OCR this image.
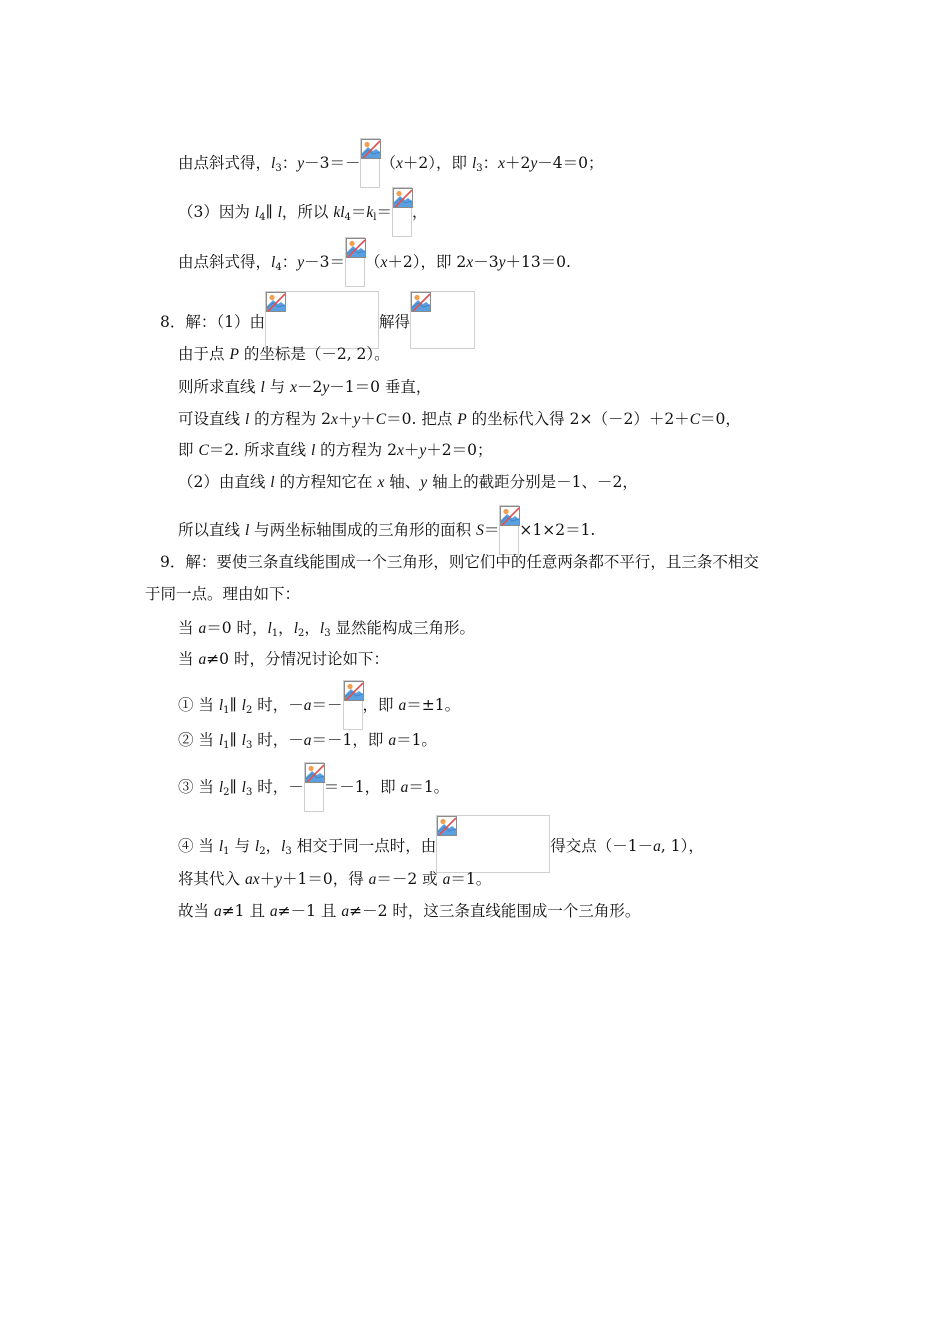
由点斜式得，$l_3$：y－3＝－ （x＋2），即 $l_3$：x＋2y－4＝0；
（3）因为 $l_4\parallel$ l，所以 $kl_4=k_l=$ ，
由点斜式得，$l_4$：y－3＝ （x＋2），即 2x－3y＋13＝0.
8．解：（1）由	解得
由于点 P 的坐标是（－2, 2）。
则所求直线 l 与 x－2y－1＝0 垂直，
可设直线 l 的方程为 2x＋y＋C＝0. 把点 P 的坐标代入得 2×（－2）＋2＋C＝0，
即 C＝2. 所求直线 l 的方程为 2x＋y＋2＝0；
（2）由直线 l 的方程知它在 x 轴、y 轴上的截距分别是－1、－2，
所以直线 l 与两坐标轴围成的三角形的面积 S＝ ×1×2＝1.
9．解：要使三条直线能围成一个三角形，则它们中的任意两条都不平行，且三条不相交
于同一点。理由如下：
当 a＝0 时，$l_1$，$l_2$，$l_3$ 显然能构成三角形。
当 a≠0 时，分情况讨论如下：
① 当 $l_1\parallel$ $l_2$ 时，－a＝－ ，即 a＝±1。
② 当 $l_1\parallel$ $l_3$ 时，－a＝－1，即 a＝1。
③ 当 $l_2\parallel$ $l_3$ 时，－ ＝－1，即 a＝1。
④ 当 $l_1$ 与 $l_2$，$l_3$ 相交于同一点时，由	得交点（－1－a, 1），
将其代入 ax＋y＋1＝0，得 a＝－2 或 a＝1。
故当 a≠1 且 a≠－1 且 a≠－2 时，这三条直线能围成一个三角形。
